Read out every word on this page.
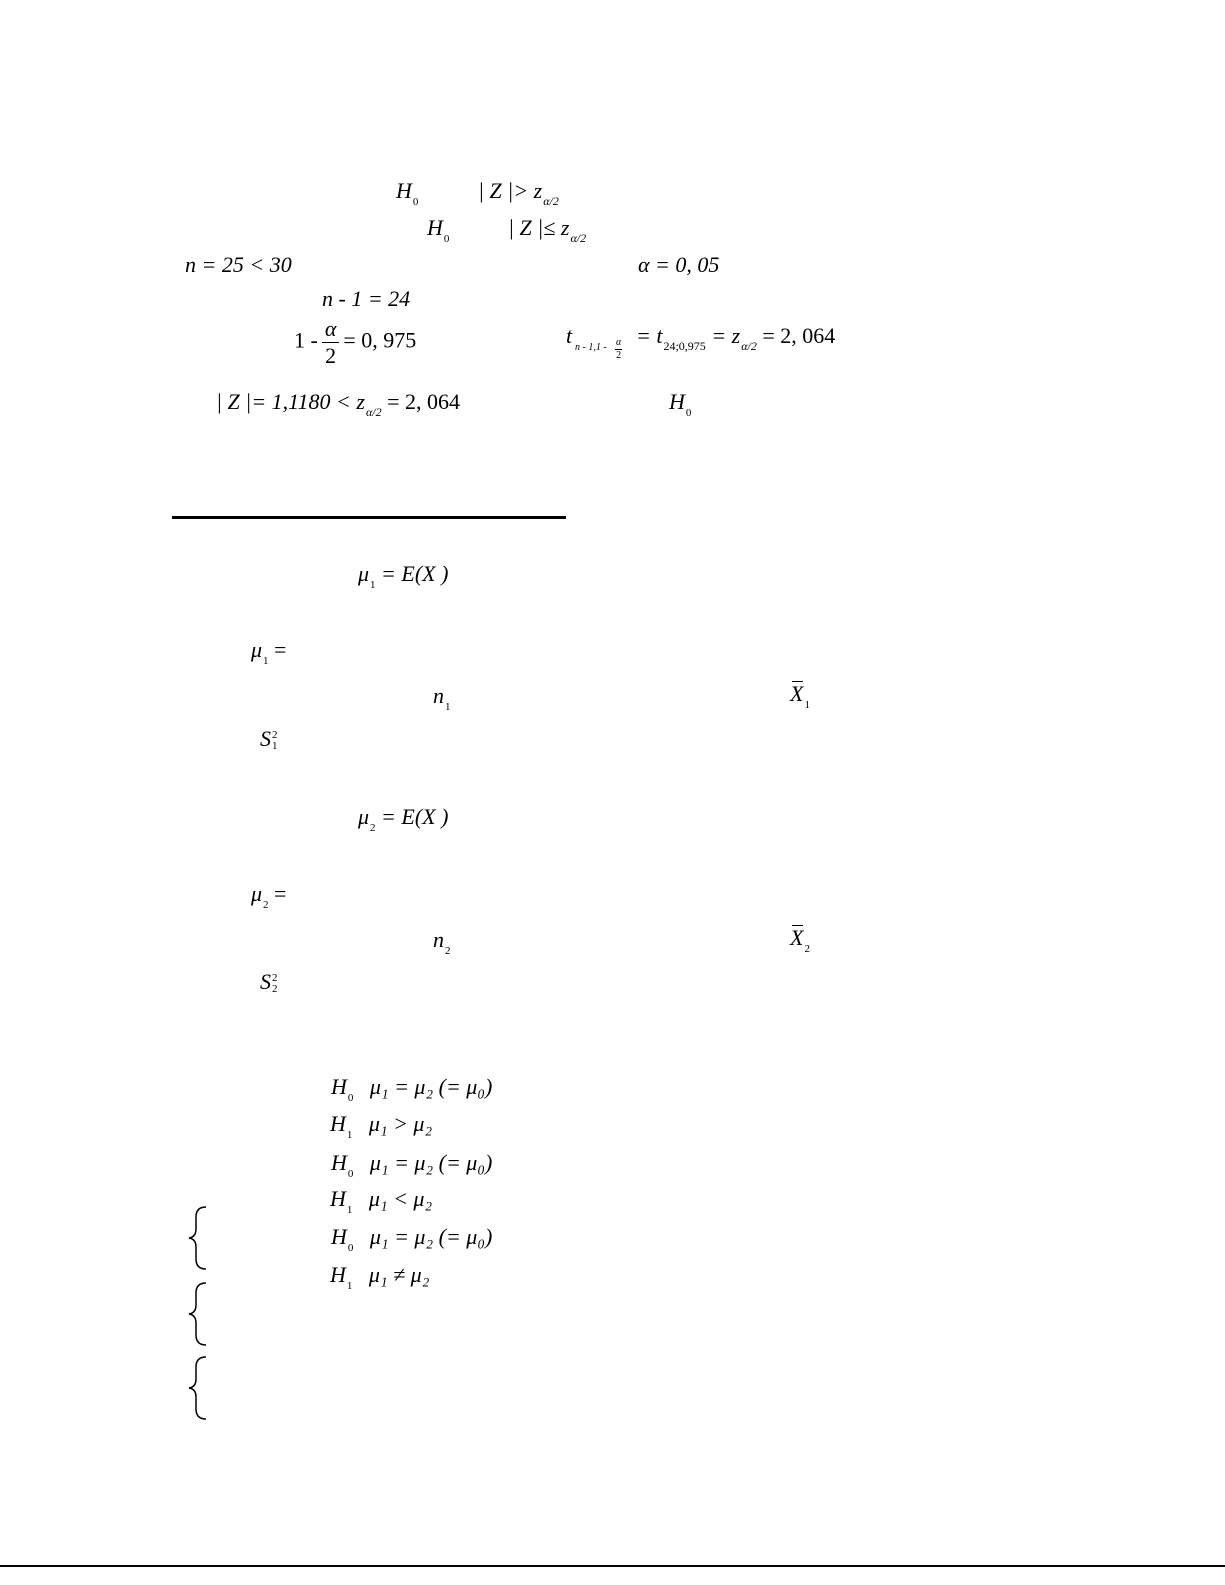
$H_0$	| Z |> $z_{\alpha/2}$
$H_0$	| Z |≤ $z_{\alpha/2}$
n = 25 < 30	α = 0, 05
n - 1 = 24
$1 - \frac{\alpha}{2} = 0$, 975	t n - $1,1 - \frac{\alpha}{2}$
= $t_{24;0,975} = z_{\alpha/2} = 2$, 064
| Z |= $1,1180 < z_{\alpha/2} = 2$, 064	$H_0$
$\mu_1 = E(X$ )
$\mu_1$ =
$n_1$
$X_1$
S 2
1
$\mu_2 = E(X$ )
$\mu_2$ =
$n_2$
$X_2$
S 2
2
$H_0$ μ₁ = μ₂ (= μ₀)
$H_1$ μ₁ > μ₂
$H_0$ μ₁ = μ₂ (= μ₀)
$H_1$ μ₁ < μ₂
$H_0$ μ₁ = μ₂ (= μ₀)
$H_1$ μ₁ ≠ μ₂
